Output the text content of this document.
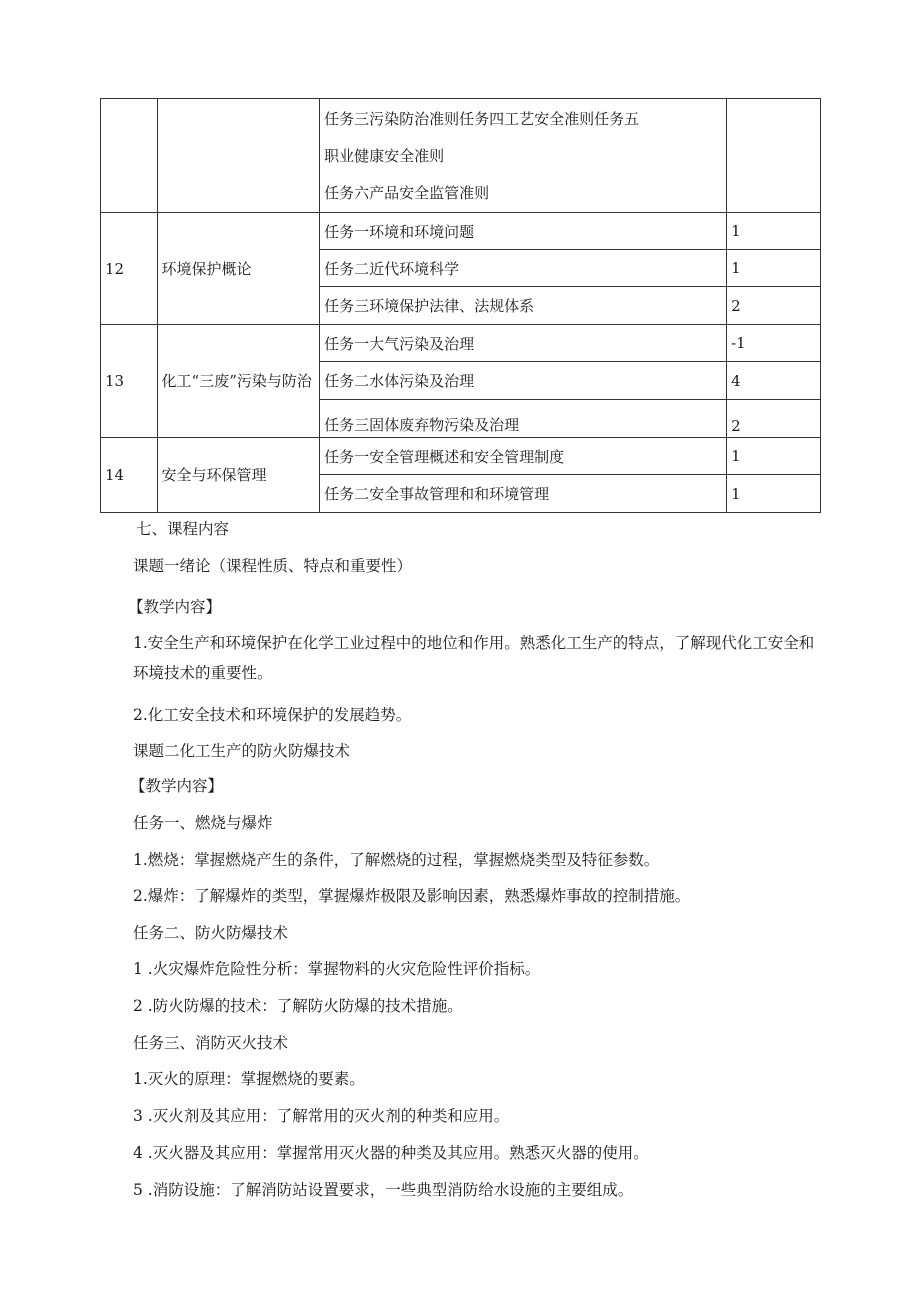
		任务三污染防治准则任务四工艺安全准则任务五
职业健康安全准则
任务六产品安全监管准则	

12	环境保护概论	任务一环境和环境问题	1
		任务二近代环境科学	1
		任务三环境保护法律、法规体系	2
13	化工“三废”污染与防治	任务一大气污染及治理	-1
		任务二水体污染及治理	4
		任务三固体废弃物污染及治理	2
14	安全与环保管理	任务一安全管理概述和安全管理制度	1
		任务二安全事故管理和和环境管理	1
七、课程内容
课题一绪论（课程性质、特点和重要性）
【教学内容】
1.安全生产和环境保护在化学工业过程中的地位和作用。熟悉化工生产的特点，了解现代化工安全和环境技术的重要性。
2.化工安全技术和环境保护的发展趋势。
课题二化工生产的防火防爆技术
【教学内容】
任务一、燃烧与爆炸
1.燃烧：掌握燃烧产生的条件，了解燃烧的过程，掌握燃烧类型及特征参数。
2.爆炸：了解爆炸的类型，掌握爆炸极限及影响因素，熟悉爆炸事故的控制措施。
任务二、防火防爆技术
1 .火灾爆炸危险性分析：掌握物料的火灾危险性评价指标。
2 .防火防爆的技术：了解防火防爆的技术措施。
任务三、消防灭火技术
1.灭火的原理：掌握燃烧的要素。
3 .灭火剂及其应用：了解常用的灭火剂的种类和应用。
4 .灭火器及其应用：掌握常用灭火器的种类及其应用。熟悉灭火器的使用。
5 .消防设施：了解消防站设置要求，一些典型消防给水设施的主要组成。
